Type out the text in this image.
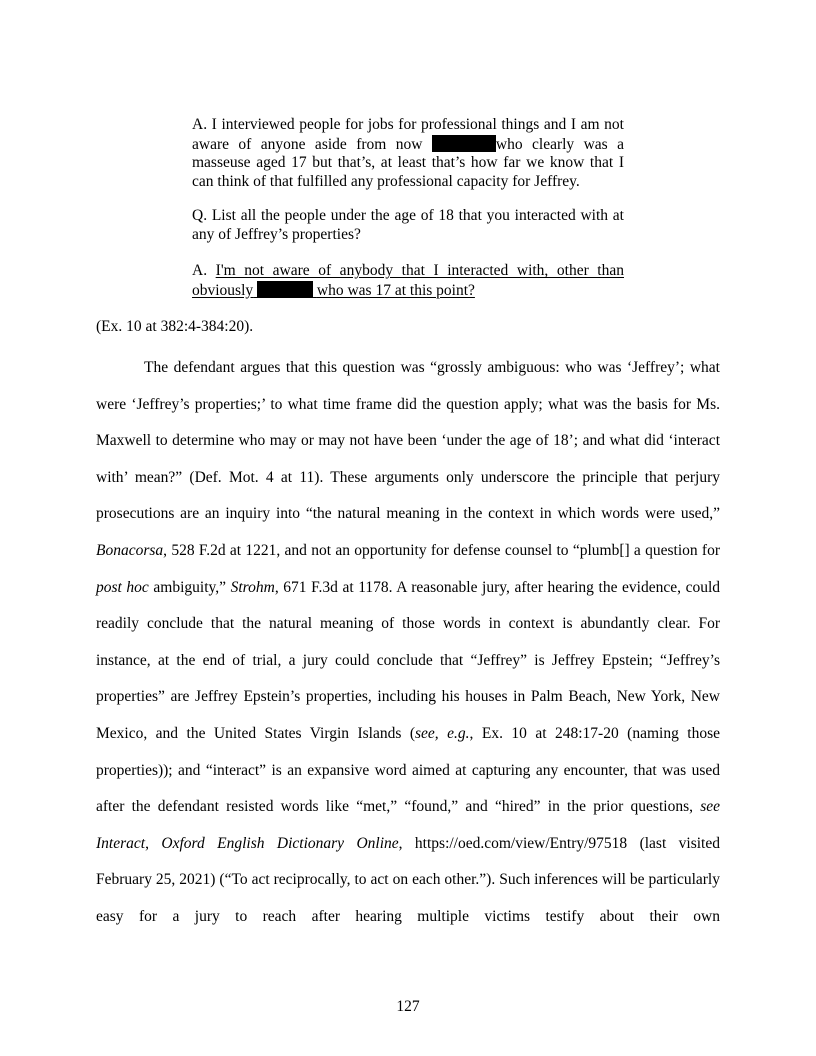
A. I interviewed people for jobs for professional things and I am not aware of anyone aside from now	who clearly was a masseuse aged 17 but that’s, at least that’s how far we know that I can think of that fulfilled any professional capacity for Jeffrey.
Q. List all the people under the age of 18 that you interacted with at any of Jeffrey’s properties?
A. I'm not aware of anybody that I interacted with, other than obviously	who was 17 at this point?
(Ex. 10 at 382:4-384:20).

The defendant argues that this question was “grossly ambiguous: who was ‘Jeffrey’; what were ‘Jeffrey’s properties;’ to what time frame did the question apply; what was the basis for Ms. Maxwell to determine who may or may not have been ‘under the age of 18’; and what did ‘interact with’ mean?” (Def. Mot. 4 at 11). These arguments only underscore the principle that perjury prosecutions are an inquiry into “the natural meaning in the context in which words were used,” Bonacorsa, 528 F.2d at 1221, and not an opportunity for defense counsel to “plumb[] a question for post hoc ambiguity,” Strohm, 671 F.3d at 1178. A reasonable jury, after hearing the evidence, could readily conclude that the natural meaning of those words in context is abundantly clear. For instance, at the end of trial, a jury could conclude that “Jeffrey” is Jeffrey Epstein; “Jeffrey’s properties” are Jeffrey Epstein’s properties, including his houses in Palm Beach, New York, New Mexico, and the United States Virgin Islands (see, e.g., Ex. 10 at 248:17-20 (naming those properties)); and “interact” is an expansive word aimed at capturing any encounter, that was used after the defendant resisted words like “met,” “found,” and “hired” in the prior questions, see Interact, Oxford English Dictionary Online, https://oed.com/view/Entry/97518 (last visited February 25, 2021) (“To act reciprocally, to act on each other.”). Such inferences will be particularly easy for a jury to reach after hearing multiple victims testify about their own

127
